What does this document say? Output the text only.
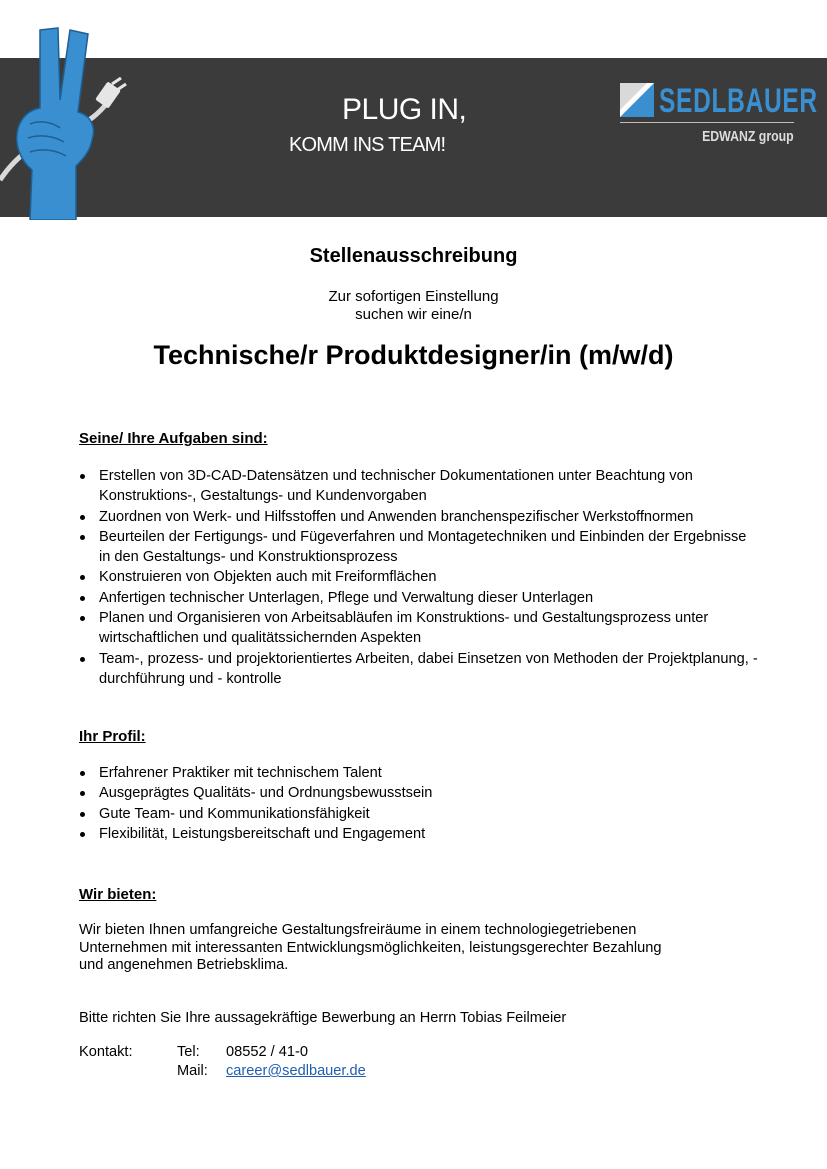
PLUG IN,
KOMM INS TEAM!
SEDLBAUER
EDWANZ group
Stellenausschreibung
Zur sofortigen Einstellung
suchen wir eine/n
Technische/r Produktdesigner/in (m/w/d)
Seine/ Ihre Aufgaben sind:
Erstellen von 3D-CAD-Datensätzen und technischer Dokumentationen unter Beachtung von Konstruktions-, Gestaltungs- und Kundenvorgaben
Zuordnen von Werk- und Hilfsstoffen und Anwenden branchenspezifischer Werkstoffnormen
Beurteilen der Fertigungs- und Fügeverfahren und Montagetechniken und Einbinden der Ergebnisse in den Gestaltungs- und Konstruktionsprozess
Konstruieren von Objekten auch mit Freiformflächen
Anfertigen technischer Unterlagen, Pflege und Verwaltung dieser Unterlagen
Planen und Organisieren von Arbeitsabläufen im Konstruktions- und Gestaltungsprozess unter wirtschaftlichen und qualitätssichernden Aspekten
Team-, prozess- und projektorientiertes Arbeiten, dabei Einsetzen von Methoden der Projektplanung, - durchführung und - kontrolle
Ihr Profil:
Erfahrener Praktiker mit technischem Talent
Ausgeprägtes Qualitäts- und Ordnungsbewusstsein
Gute Team- und Kommunikationsfähigkeit
Flexibilität, Leistungsbereitschaft und Engagement
Wir bieten:
Wir bieten Ihnen umfangreiche Gestaltungsfreiräume in einem technologiegetriebenen
Unternehmen mit interessanten Entwicklungsmöglichkeiten, leistungsgerechter Bezahlung
und angenehmen Betriebsklima.
Bitte richten Sie Ihre aussagekräftige Bewerbung an Herrn Tobias Feilmeier
Kontakt:	Tel: 08552 / 41-0
Mail: career@sedlbauer.de
